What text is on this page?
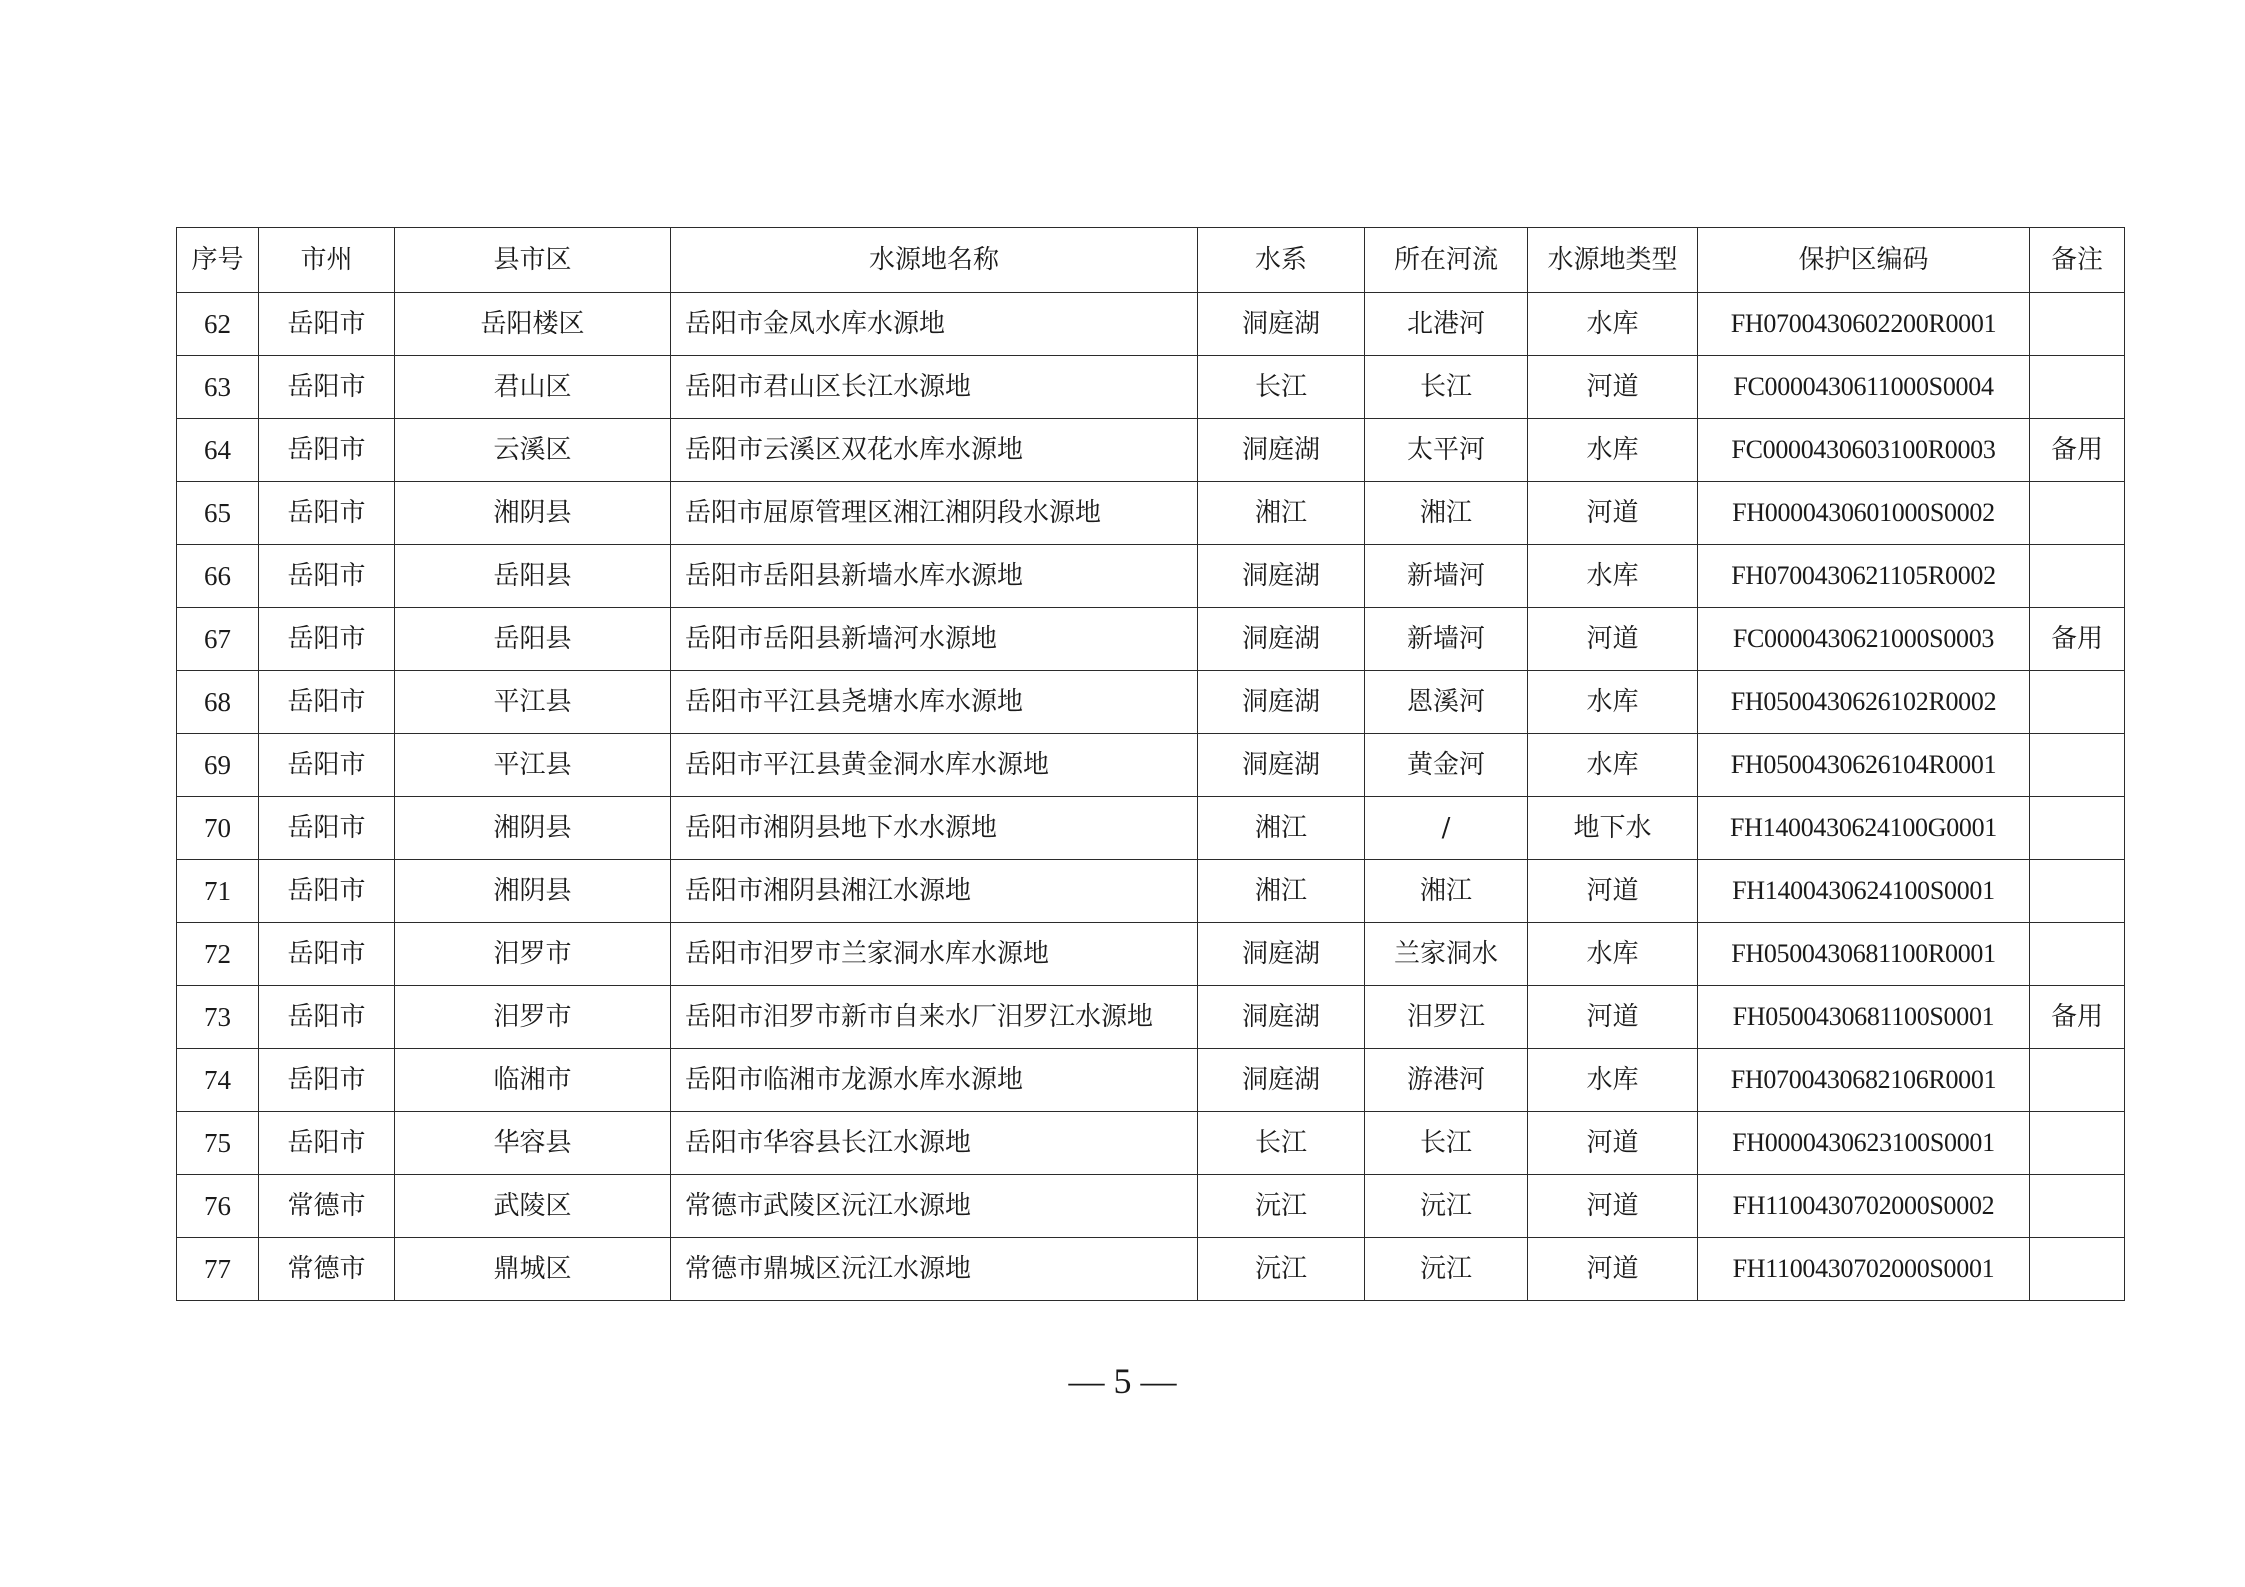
序号	市州	县市区	水源地名称	水系	所在河流	水源地类型	保护区编码	备注
62	岳阳市	岳阳楼区	岳阳市金凤水库水源地	洞庭湖	北港河	水库	FH0700430602200R0001	
63	岳阳市	君山区	岳阳市君山区长江水源地	长江	长江	河道	FC0000430611000S0004	
64	岳阳市	云溪区	岳阳市云溪区双花水库水源地	洞庭湖	太平河	水库	FC0000430603100R0003	备用
65	岳阳市	湘阴县	岳阳市屈原管理区湘江湘阴段水源地	湘江	湘江	河道	FH0000430601000S0002	
66	岳阳市	岳阳县	岳阳市岳阳县新墙水库水源地	洞庭湖	新墙河	水库	FH0700430621105R0002	
67	岳阳市	岳阳县	岳阳市岳阳县新墙河水源地	洞庭湖	新墙河	河道	FC0000430621000S0003	备用
68	岳阳市	平江县	岳阳市平江县尧塘水库水源地	洞庭湖	恩溪河	水库	FH0500430626102R0002	
69	岳阳市	平江县	岳阳市平江县黄金洞水库水源地	洞庭湖	黄金河	水库	FH0500430626104R0001	
70	岳阳市	湘阴县	岳阳市湘阴县地下水水源地	湘江	/	地下水	FH1400430624100G0001	
71	岳阳市	湘阴县	岳阳市湘阴县湘江水源地	湘江	湘江	河道	FH1400430624100S0001	
72	岳阳市	汨罗市	岳阳市汨罗市兰家洞水库水源地	洞庭湖	兰家洞水	水库	FH0500430681100R0001	
73	岳阳市	汨罗市	岳阳市汨罗市新市自来水厂汨罗江水源地	洞庭湖	汨罗江	河道	FH0500430681100S0001	备用
74	岳阳市	临湘市	岳阳市临湘市龙源水库水源地	洞庭湖	游港河	水库	FH0700430682106R0001	
75	岳阳市	华容县	岳阳市华容县长江水源地	长江	长江	河道	FH0000430623100S0001	
76	常德市	武陵区	常德市武陵区沅江水源地	沅江	沅江	河道	FH1100430702000S0002	
77	常德市	鼎城区	常德市鼎城区沅江水源地	沅江	沅江	河道	FH1100430702000S0001	
— 5 —
